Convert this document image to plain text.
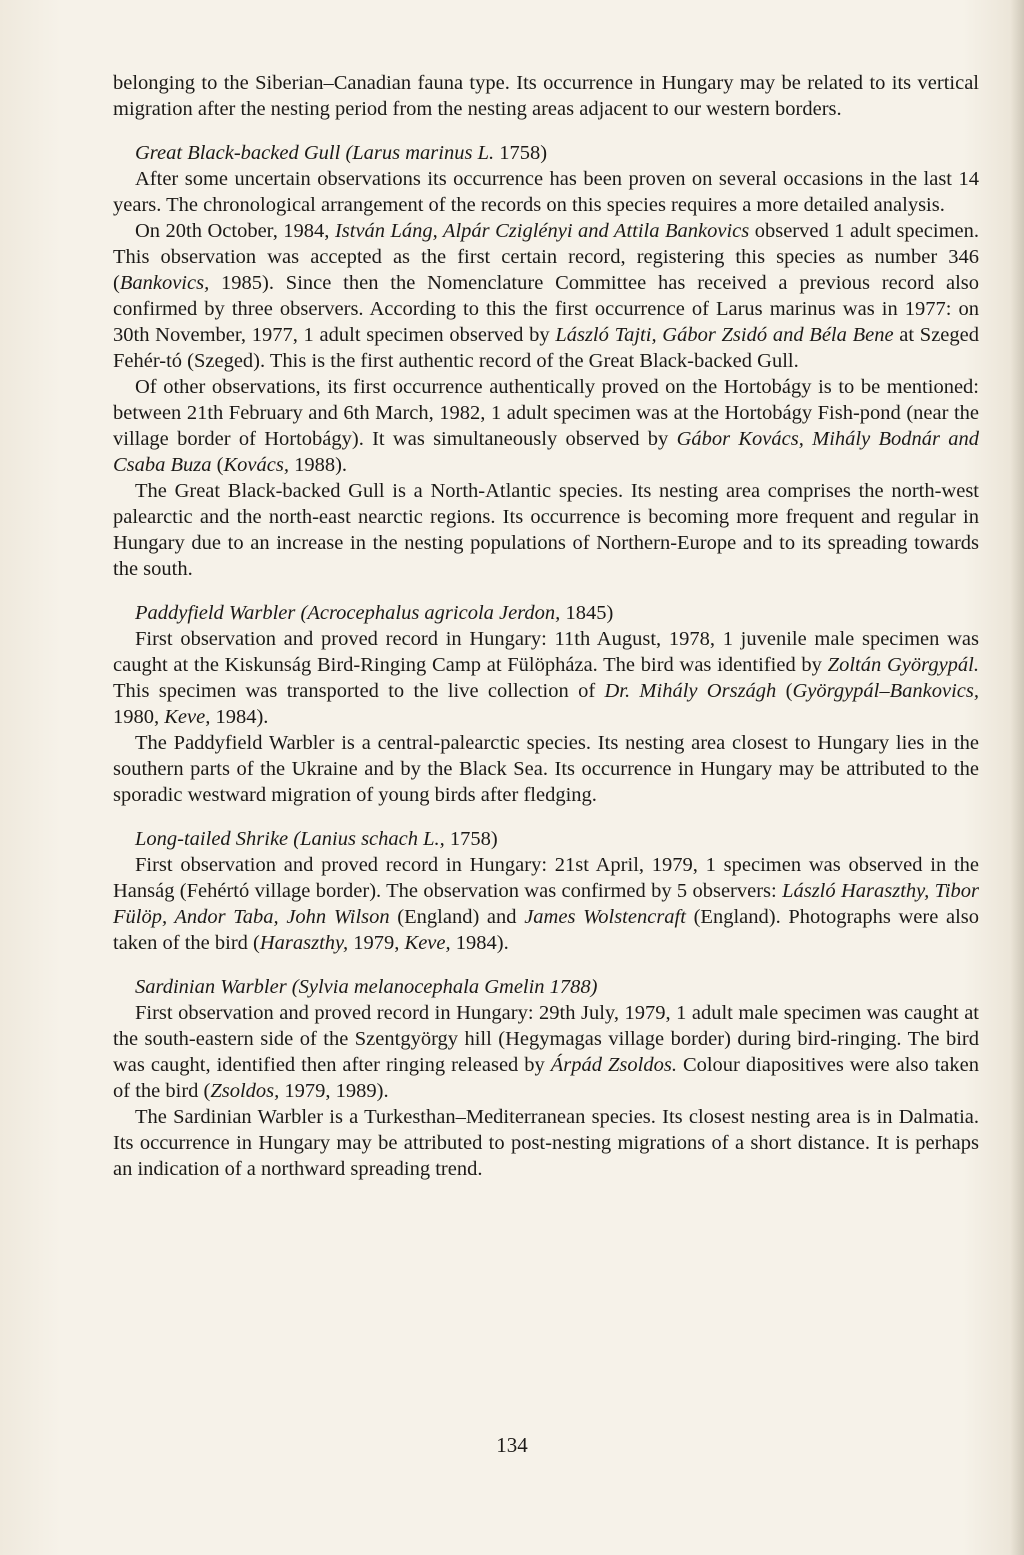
belonging to the Siberian–Canadian fauna type. Its occurrence in Hungary may be related to its vertical migration after the nesting period from the nesting areas adjacent to our western borders.

Great Black-backed Gull (Larus marinus L. 1758)

After some uncertain observations its occurrence has been proven on several occasions in the last 14 years. The chronological arrangement of the records on this species requires a more detailed analysis.

On 20th October, 1984, István Láng, Alpár Cziglényi and Attila Bankovics observed 1 adult specimen. This observation was accepted as the first certain record, registering this species as number 346 (Bankovics, 1985). Since then the Nomenclature Committee has received a previous record also confirmed by three observers. According to this the first occurrence of Larus marinus was in 1977: on 30th November, 1977, 1 adult specimen observed by László Tajti, Gábor Zsidó and Béla Bene at Szeged Fehér-tó (Szeged). This is the first authentic record of the Great Black-backed Gull.

Of other observations, its first occurrence authentically proved on the Hortobágy is to be mentioned: between 21th February and 6th March, 1982, 1 adult specimen was at the Hortobágy Fish-pond (near the village border of Hortobágy). It was simultaneously observed by Gábor Kovács, Mihály Bodnár and Csaba Buza (Kovács, 1988).

The Great Black-backed Gull is a North-Atlantic species. Its nesting area comprises the north-west palearctic and the north-east nearctic regions. Its occurrence is becoming more frequent and regular in Hungary due to an increase in the nesting populations of Northern-Europe and to its spreading towards the south.

Paddyfield Warbler (Acrocephalus agricola Jerdon, 1845)

First observation and proved record in Hungary: 11th August, 1978, 1 juvenile male specimen was caught at the Kiskunság Bird-Ringing Camp at Fülöpháza. The bird was identified by Zoltán Györgypál. This specimen was transported to the live collection of Dr. Mihály Országh (Györgypál–Bankovics, 1980, Keve, 1984).

The Paddyfield Warbler is a central-palearctic species. Its nesting area closest to Hungary lies in the southern parts of the Ukraine and by the Black Sea. Its occurrence in Hungary may be attributed to the sporadic westward migration of young birds after fledging.

Long-tailed Shrike (Lanius schach L., 1758)

First observation and proved record in Hungary: 21st April, 1979, 1 specimen was observed in the Hanság (Fehértó village border). The observation was confirmed by 5 observers: László Haraszthy, Tibor Fülöp, Andor Taba, John Wilson (England) and James Wolstencraft (England). Photographs were also taken of the bird (Haraszthy, 1979, Keve, 1984).

Sardinian Warbler (Sylvia melanocephala Gmelin 1788)

First observation and proved record in Hungary: 29th July, 1979, 1 adult male specimen was caught at the south-eastern side of the Szentgyörgy hill (Hegymagas village border) during bird-ringing. The bird was caught, identified then after ringing released by Árpád Zsoldos. Colour diapositives were also taken of the bird (Zsoldos, 1979, 1989).

The Sardinian Warbler is a Turkesthan–Mediterranean species. Its closest nesting area is in Dalmatia. Its occurrence in Hungary may be attributed to post-nesting migrations of a short distance. It is perhaps an indication of a northward spreading trend.

134
